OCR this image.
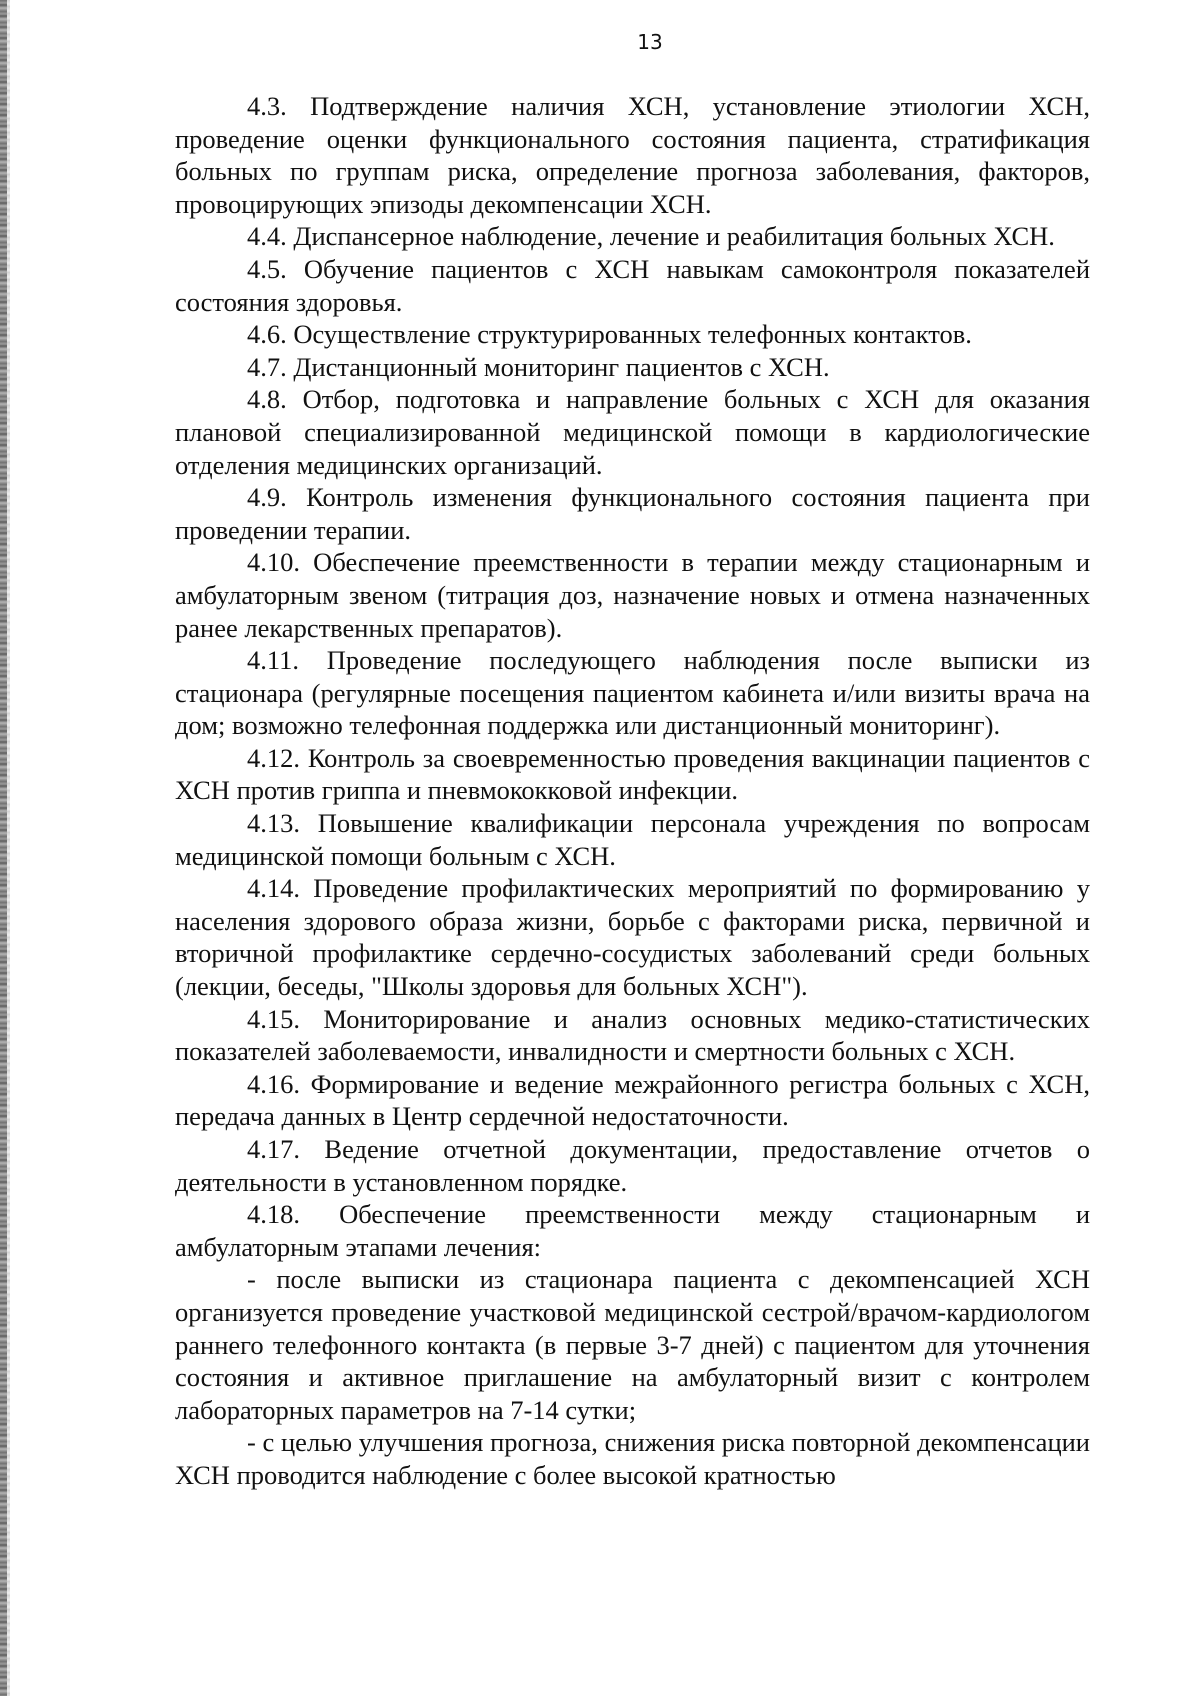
13

4.3. Подтверждение наличия ХСН, установление этиологии ХСН, проведение оценки функционального состояния пациента, стратификация больных по группам риска, определение прогноза заболевания, факторов, провоцирующих эпизоды декомпенсации ХСН.

4.4. Диспансерное наблюдение, лечение и реабилитация больных ХСН.

4.5. Обучение пациентов с ХСН навыкам самоконтроля показателей состояния здоровья.

4.6. Осуществление структурированных телефонных контактов.

4.7. Дистанционный мониторинг пациентов с ХСН.

4.8. Отбор, подготовка и направление больных с ХСН для оказания плановой специализированной медицинской помощи в кардиологические отделения медицинских организаций.

4.9. Контроль изменения функционального состояния пациента при проведении терапии.

4.10. Обеспечение преемственности в терапии между стационарным и амбулаторным звеном (титрация доз, назначение новых и отмена назначенных ранее лекарственных препаратов).

4.11. Проведение последующего наблюдения после выписки из стационара (регулярные посещения пациентом кабинета и/или визиты врача на дом; возможно телефонная поддержка или дистанционный мониторинг).

4.12. Контроль за своевременностью проведения вакцинации пациентов с ХСН против гриппа и пневмококковой инфекции.

4.13. Повышение квалификации персонала учреждения по вопросам медицинской помощи больным с ХСН.

4.14. Проведение профилактических мероприятий по формированию у населения здорового образа жизни, борьбе с факторами риска, первичной и вторичной профилактике сердечно-сосудистых заболеваний среди больных (лекции, беседы, "Школы здоровья для больных ХСН").

4.15. Мониторирование и анализ основных медико-статистических показателей заболеваемости, инвалидности и смертности больных с ХСН.

4.16. Формирование и ведение межрайонного регистра больных с ХСН, передача данных в Центр сердечной недостаточности.

4.17. Ведение отчетной документации, предоставление отчетов о деятельности в установленном порядке.

4.18. Обеспечение преемственности между стационарным и амбулаторным этапами лечения:

- после выписки из стационара пациента с декомпенсацией ХСН организуется проведение участковой медицинской сестрой/врачом-кардиологом раннего телефонного контакта (в первые 3-7 дней) с пациентом для уточнения состояния и активное приглашение на амбулаторный визит с контролем лабораторных параметров на 7-14 сутки;

- с целью улучшения прогноза, снижения риска повторной декомпенсации ХСН проводится наблюдение с более высокой кратностью
